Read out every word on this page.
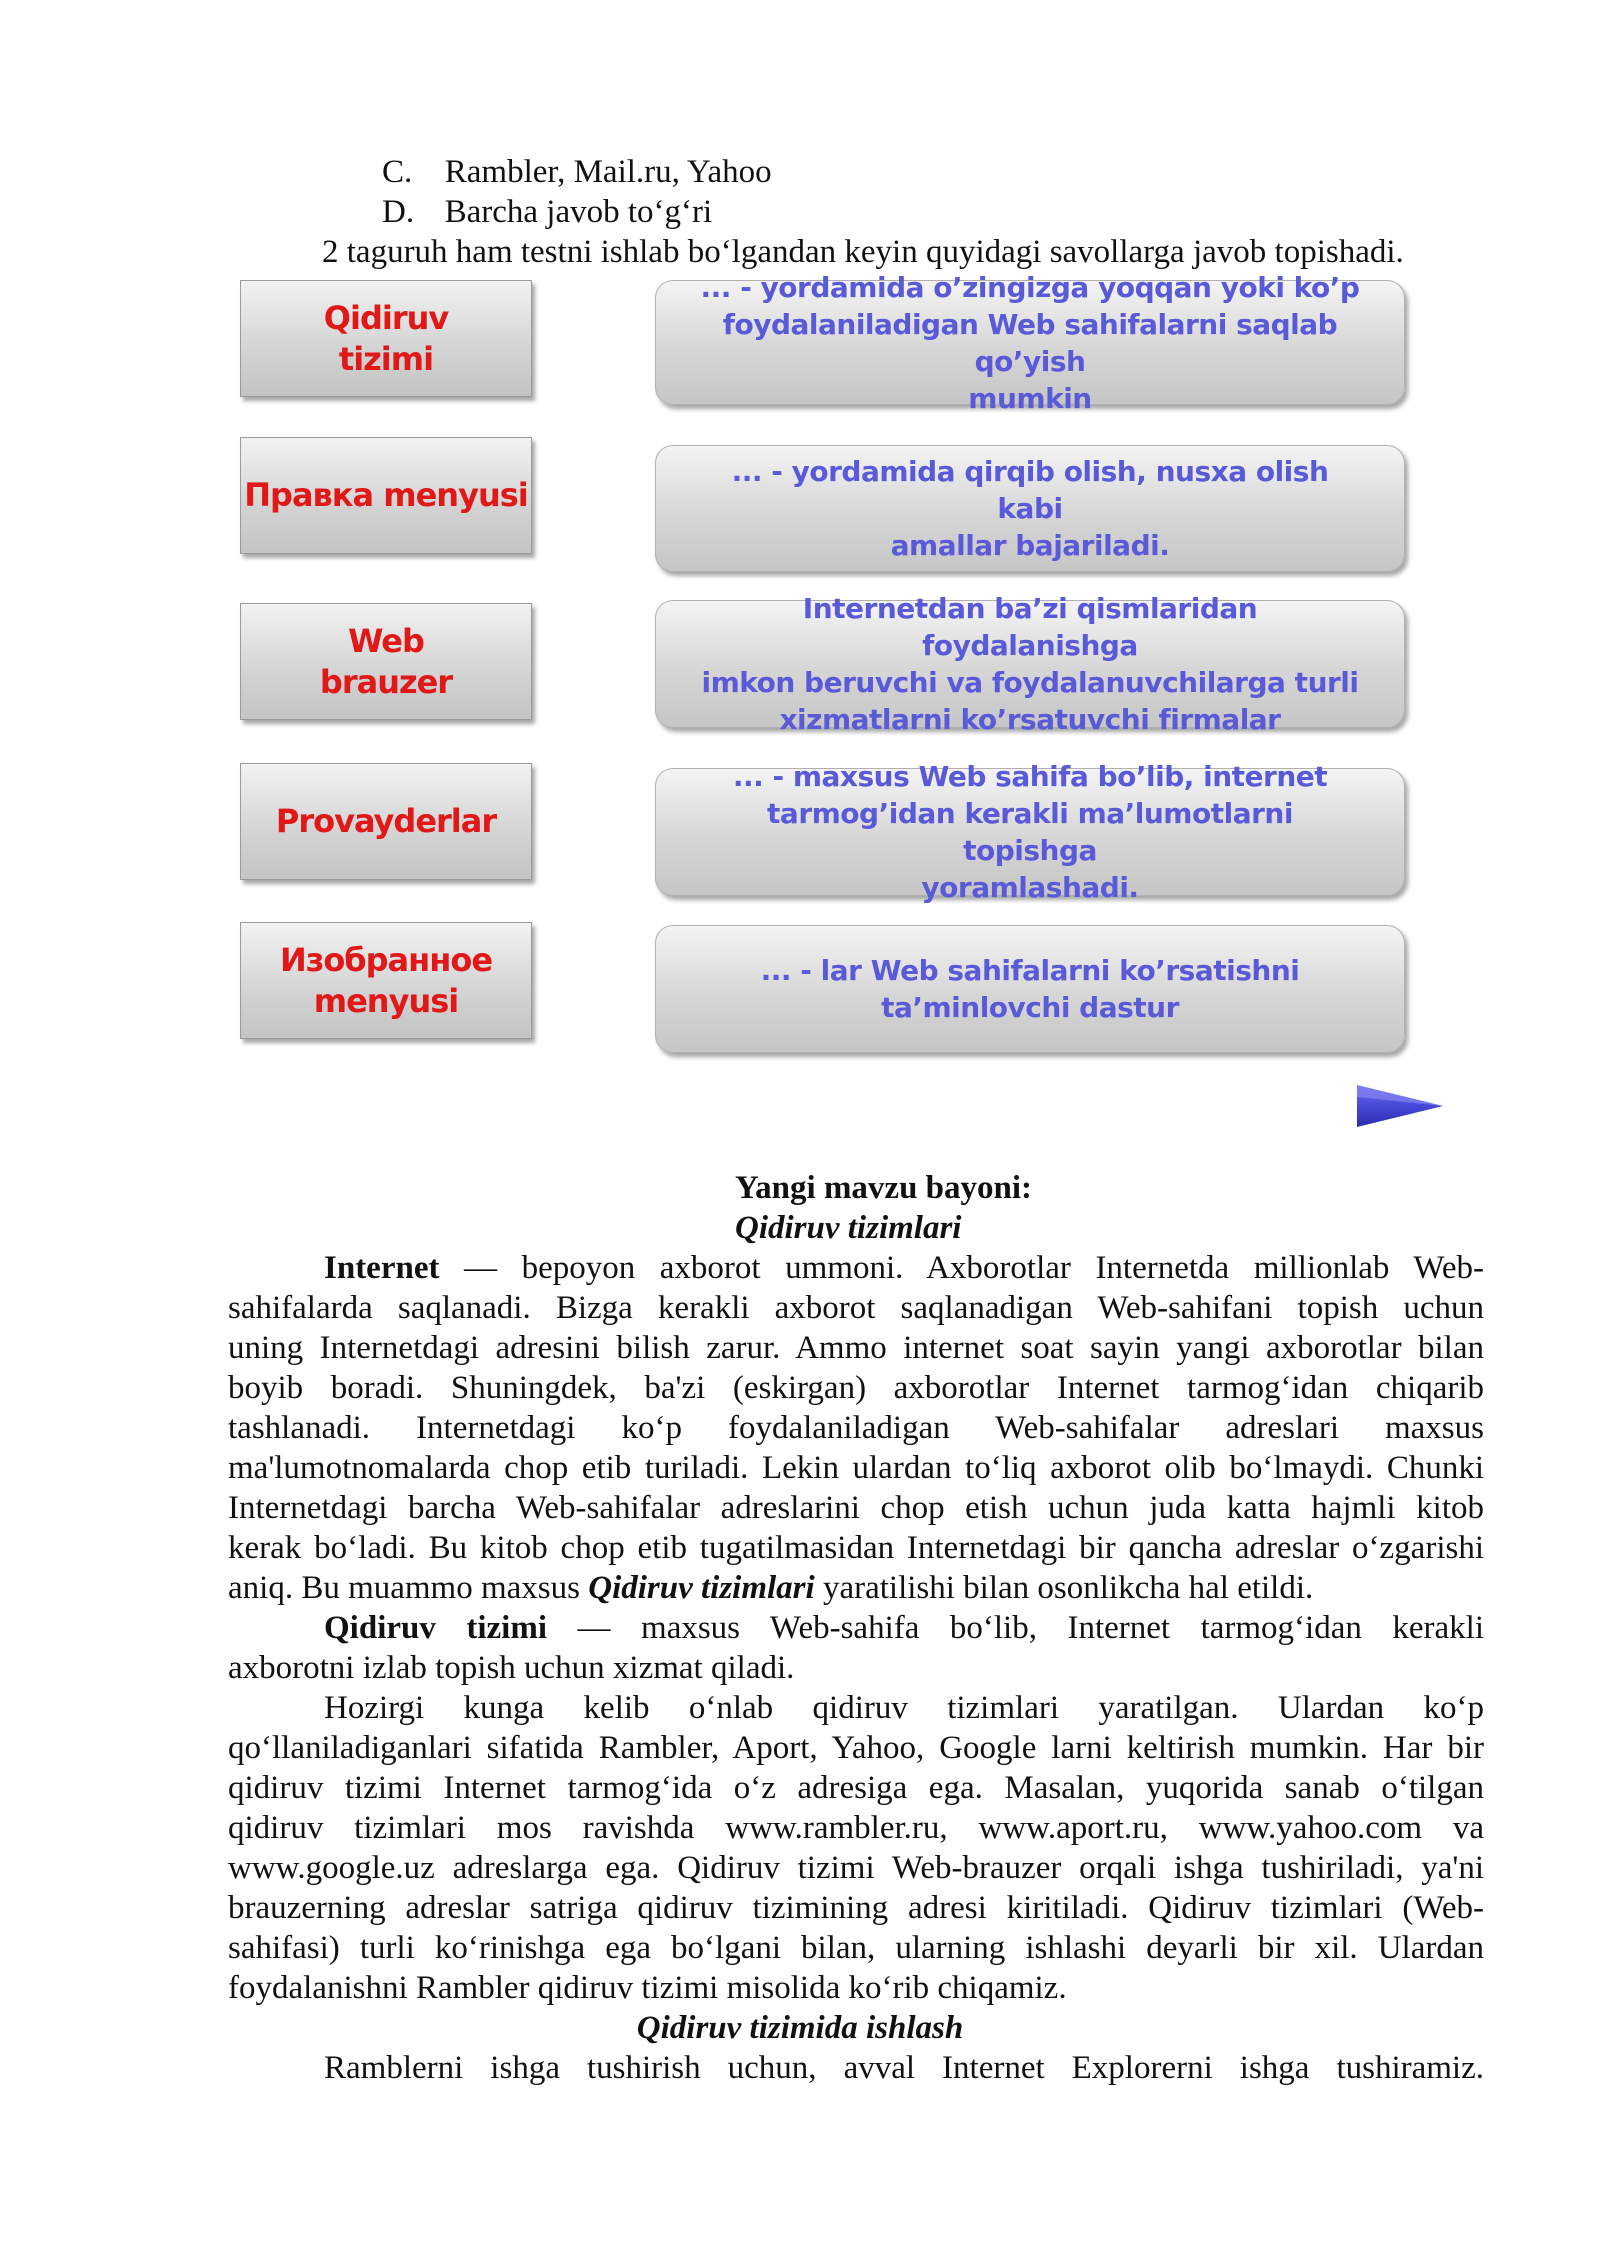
C. Rambler, Mail.ru, Yahoo
D. Barcha javob to‘g‘ri
2 taguruh ham testni ishlab bo‘lgandan keyin quyidagi savollarga javob topishadi.
Qidiruv
tizimi
Правка menyusi
Web
brauzer
Provayderlar
Изобранное
menyusi
... - yordamida o’zingizga yoqqan yoki ko’p
foydalaniladigan Web sahifalarni saqlab qo’yish
mumkin
... - yordamida qirqib olish, nusxa olish kabi
amallar bajariladi.
Internetdan ba’zi qismlaridan foydalanishga
imkon beruvchi va foydalanuvchilarga turli
xizmatlarni ko’rsatuvchi firmalar
... - maxsus Web sahifa bo’lib, internet
tarmog’idan kerakli ma’lumotlarni topishga
yoramlashadi.
... - lar Web sahifalarni ko’rsatishni
ta’minlovchi dastur
Yangi mavzu bayoni:
Qidiruv tizimlari
Internet — bepoyon axborot ummoni. Axborotlar Internetda millionlab Web-
sahifalarda saqlanadi. Bizga kerakli axborot saqlanadigan Web-sahifani topish uchun
uning Internetdagi adresini bilish zarur. Ammo internet soat sayin yangi axborotlar bilan
boyib boradi. Shuningdek, ba'zi (eskirgan) axborotlar Internet tarmog‘idan chiqarib
tashlanadi. Internetdagi ko‘p foydalaniladigan Web-sahifalar adreslari maxsus
ma'lumotnomalarda chop etib turiladi. Lekin ulardan to‘liq axborot olib bo‘lmaydi. Chunki
Internetdagi barcha Web-sahifalar adreslarini chop etish uchun juda katta hajmli kitob
kerak bo‘ladi. Bu kitob chop etib tugatilmasidan Internetdagi bir qancha adreslar o‘zgarishi
aniq. Bu muammo maxsus Qidiruv tizimlari yaratilishi bilan osonlikcha hal etildi.
Qidiruv tizimi — maxsus Web-sahifa bo‘lib, Internet tarmog‘idan kerakli
axborotni izlab topish uchun xizmat qiladi.
Hozirgi kunga kelib o‘nlab qidiruv tizimlari yaratilgan. Ulardan ko‘p
qo‘llaniladiganlari sifatida Rambler, Aport, Yahoo, Google larni keltirish mumkin. Har bir
qidiruv tizimi Internet tarmog‘ida o‘z adresiga ega. Masalan, yuqorida sanab o‘tilgan
qidiruv tizimlari mos ravishda www.rambler.ru, www.aport.ru, www.yahoo.com va
www.google.uz adreslarga ega. Qidiruv tizimi Web-brauzer orqali ishga tushiriladi, ya'ni
brauzerning adreslar satriga qidiruv tizimining adresi kiritiladi. Qidiruv tizimlari (Web-
sahifasi) turli ko‘rinishga ega bo‘lgani bilan, ularning ishlashi deyarli bir xil. Ulardan
foydalanishni Rambler qidiruv tizimi misolida ko‘rib chiqamiz.
Qidiruv tizimida ishlash
Ramblerni ishga tushirish uchun, avval Internet Explorerni ishga tushiramiz.
